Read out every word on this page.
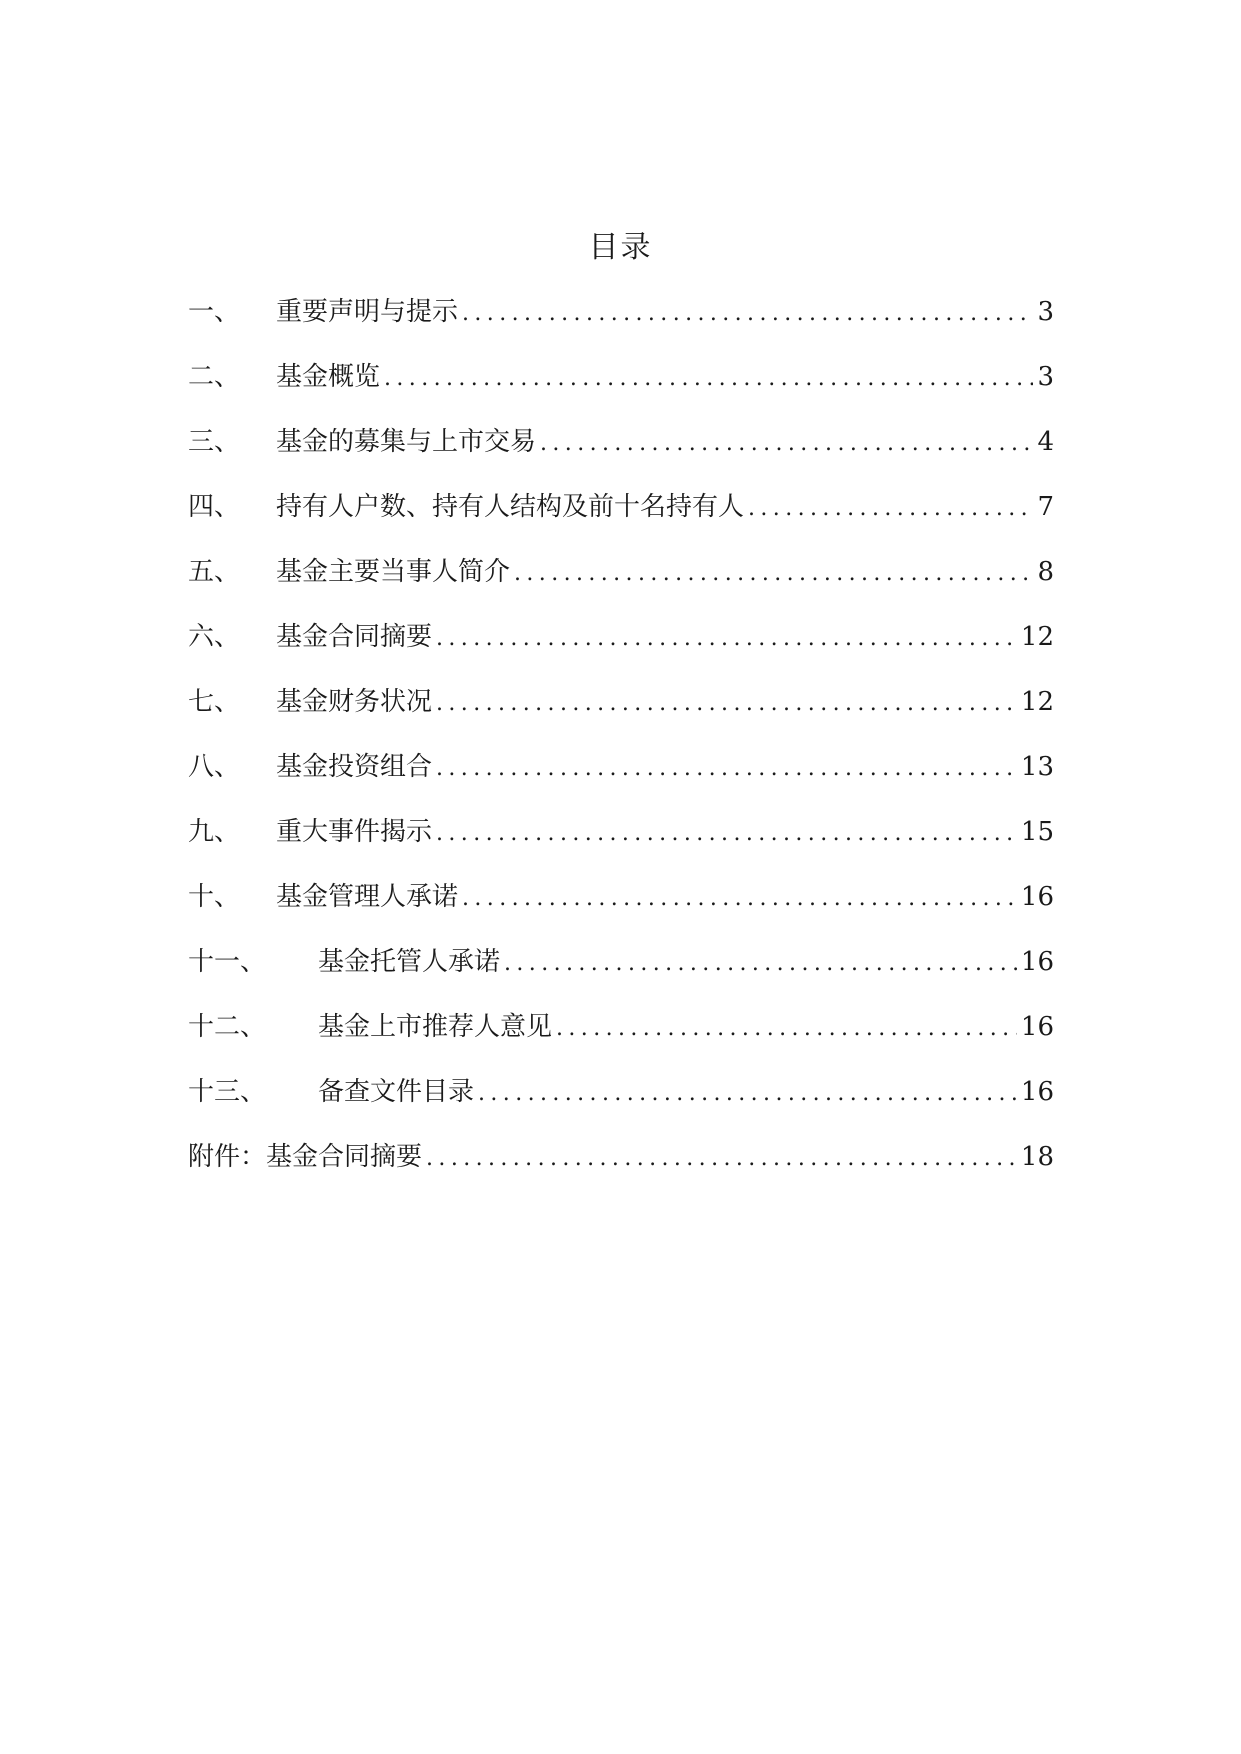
目录
一、	重要声明与提示 .....	3
二、	基金概览 .....	3
三、	基金的募集与上市交易 .....	4
四、	持有人户数、持有人结构及前十名持有人 .....	7
五、	基金主要当事人简介 .....	8
六、	基金合同摘要 .....	12
七、	基金财务状况 .....	12
八、	基金投资组合 .....	13
九、	重大事件揭示 .....	15
十、	基金管理人承诺 .....	16
十一、	基金托管人承诺 .....	16
十二、	基金上市推荐人意见 .....	16
十三、	备查文件目录 .....	16
附件： 基金合同摘要 .....	18
